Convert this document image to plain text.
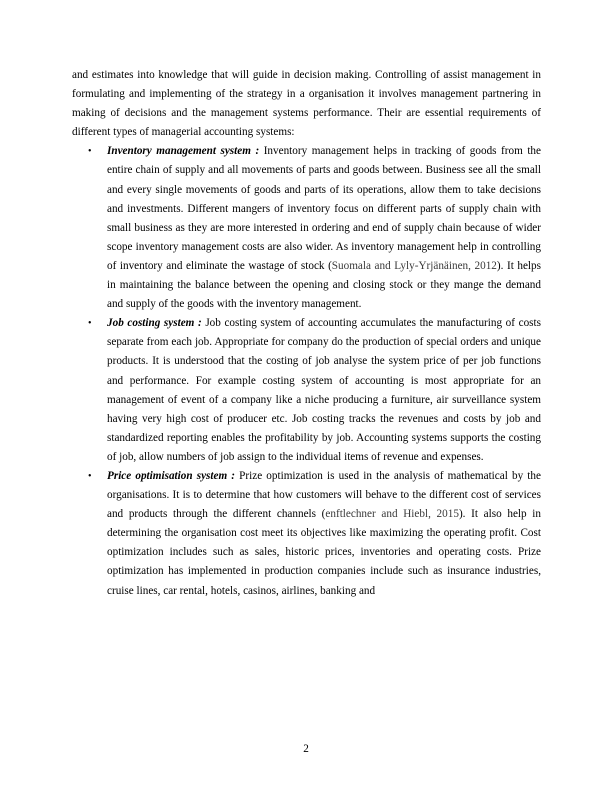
and estimates into knowledge that will guide in decision making. Controlling of assist management in formulating and implementing of the strategy in a organisation it involves management partnering in making of decisions and the management systems performance. Their are essential requirements of different types of managerial accounting systems:

• Inventory management system : Inventory management helps in tracking of goods from the entire chain of supply and all movements of parts and goods between. Business see all the small and every single movements of goods and parts of its operations, allow them to take decisions and investments. Different mangers of inventory focus on different parts of supply chain with small business as they are more interested in ordering and end of supply chain because of wider scope inventory management costs are also wider. As inventory management help in controlling of inventory and eliminate the wastage of stock (Suomala and Lyly-Yrjänäinen, 2012). It helps in maintaining the balance between the opening and closing stock or they mange the demand and supply of the goods with the inventory management.
• Job costing system : Job costing system of accounting accumulates the manufacturing of costs separate from each job. Appropriate for company do the production of special orders and unique products. It is understood that the costing of job analyse the system price of per job functions and performance. For example costing system of accounting is most appropriate for an management of event of a company like a niche producing a furniture, air surveillance system having very high cost of producer etc. Job costing tracks the revenues and costs by job and standardized reporting enables the profitability by job. Accounting systems supports the costing of job, allow numbers of job assign to the individual items of revenue and expenses.
• Price optimisation system : Prize optimization is used in the analysis of mathematical by the organisations. It is to determine that how customers will behave to the different cost of services and products through the different channels (enftlechner and Hiebl, 2015). It also help in determining the organisation cost meet its objectives like maximizing the operating profit. Cost optimization includes such as sales, historic prices, inventories and operating costs. Prize optimization has implemented in production companies include such as insurance industries, cruise lines, car rental, hotels, casinos, airlines, banking and
2
